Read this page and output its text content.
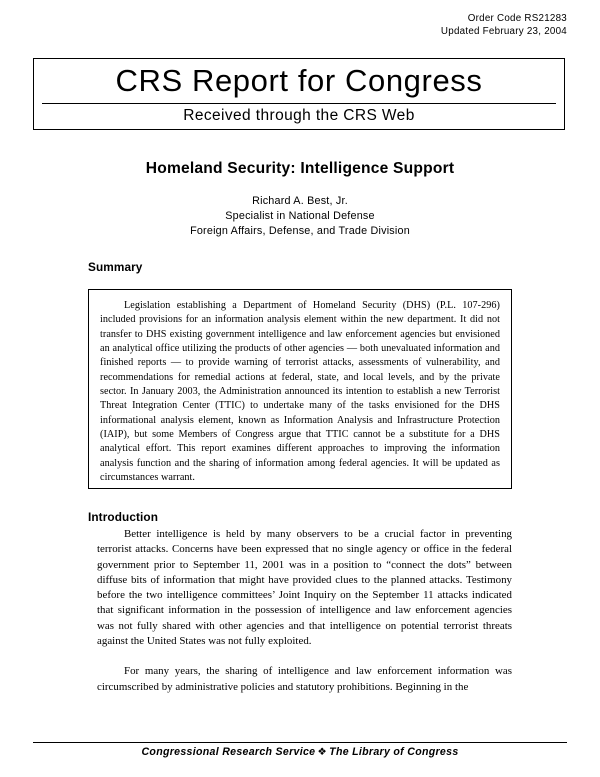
Order Code RS21283
Updated February 23, 2004
CRS Report for Congress
Received through the CRS Web
Homeland Security: Intelligence Support
Richard A. Best, Jr.
Specialist in National Defense
Foreign Affairs, Defense, and Trade Division
Summary
Legislation establishing a Department of Homeland Security (DHS) (P.L. 107-296) included provisions for an information analysis element within the new department. It did not transfer to DHS existing government intelligence and law enforcement agencies but envisioned an analytical office utilizing the products of other agencies — both unevaluated information and finished reports — to provide warning of terrorist attacks, assessments of vulnerability, and recommendations for remedial actions at federal, state, and local levels, and by the private sector. In January 2003, the Administration announced its intention to establish a new Terrorist Threat Integration Center (TTIC) to undertake many of the tasks envisioned for the DHS informational analysis element, known as Information Analysis and Infrastructure Protection (IAIP), but some Members of Congress argue that TTIC cannot be a substitute for a DHS analytical effort. This report examines different approaches to improving the information analysis function and the sharing of information among federal agencies. It will be updated as circumstances warrant.
Introduction

Better intelligence is held by many observers to be a crucial factor in preventing terrorist attacks. Concerns have been expressed that no single agency or office in the federal government prior to September 11, 2001 was in a position to “connect the dots” between diffuse bits of information that might have provided clues to the planned attacks. Testimony before the two intelligence committees’ Joint Inquiry on the September 11 attacks indicated that significant information in the possession of intelligence and law enforcement agencies was not fully shared with other agencies and that intelligence on potential terrorist threats against the United States was not fully exploited.

For many years, the sharing of intelligence and law enforcement information was circumscribed by administrative policies and statutory prohibitions. Beginning in the

Congressional Research Service ❖ The Library of Congress
